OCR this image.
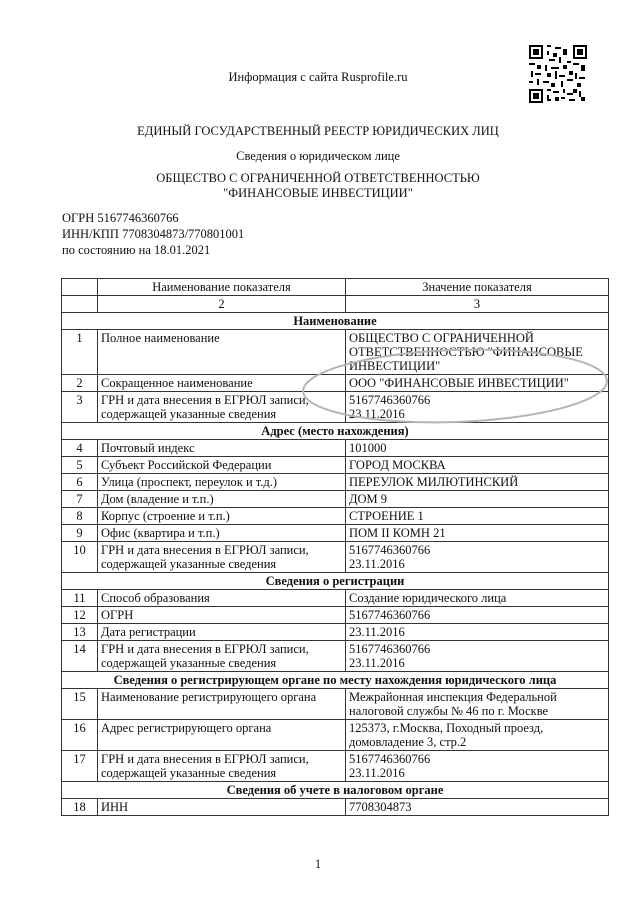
Информация с сайта Rusprofile.ru
ЕДИНЫЙ ГОСУДАРСТВЕННЫЙ РЕЕСТР ЮРИДИЧЕСКИХ ЛИЦ
Сведения о юридическом лице
ОБЩЕСТВО С ОГРАНИЧЕННОЙ ОТВЕТСТВЕННОСТЬЮ
"ФИНАНСОВЫЕ ИНВЕСТИЦИИ"
ОГРН 5167746360766
ИНН/КПП 7708304873/770801001
по состоянию на 18.01.2021
	Наименование показателя	Значение показателя
	2	3
Наименование		
1	Полное наименование	ОБЩЕСТВО С ОГРАНИЧЕННОЙ ОТВЕТСТВЕННОСТЬЮ "ФИНАНСОВЫЕ ИНВЕСТИЦИИ"
2	Сокращенное наименование	ООО "ФИНАНСОВЫЕ ИНВЕСТИЦИИ"
3	ГРН и дата внесения в ЕГРЮЛ записи, содержащей указанные сведения	5167746360766
23.11.2016

Адрес (место нахождения)		
4	Почтовый индекс	101000
5	Субъект Российской Федерации	ГОРОД МОСКВА
6	Улица (проспект, переулок и т.д.)	ПЕРЕУЛОК МИЛЮТИНСКИЙ
7	Дом (владение и т.п.)	ДОМ 9
8	Корпус (строение и т.п.)	СТРОЕНИЕ 1
9	Офис (квартира и т.п.)	ПОМ II КОМН 21
10	ГРН и дата внесения в ЕГРЮЛ записи, содержащей указанные сведения	5167746360766
23.11.2016

Сведения о регистрации		
11	Способ образования	Создание юридического лица
12	ОГРН	5167746360766
13	Дата регистрации	23.11.2016
14	ГРН и дата внесения в ЕГРЮЛ записи, содержащей указанные сведения	5167746360766
23.11.2016

Сведения о регистрирующем органе по месту нахождения юридического лица		
15	Наименование регистрирующего органа	Межрайонная инспекция Федеральной налоговой службы № 46 по г. Москве
16	Адрес регистрирующего органа	125373, г.Москва, Походный проезд, домовладение 3, стр.2
17	ГРН и дата внесения в ЕГРЮЛ записи, содержащей указанные сведения	5167746360766
23.11.2016

Сведения об учете в налоговом органе		
18	ИНН	7708304873
1
